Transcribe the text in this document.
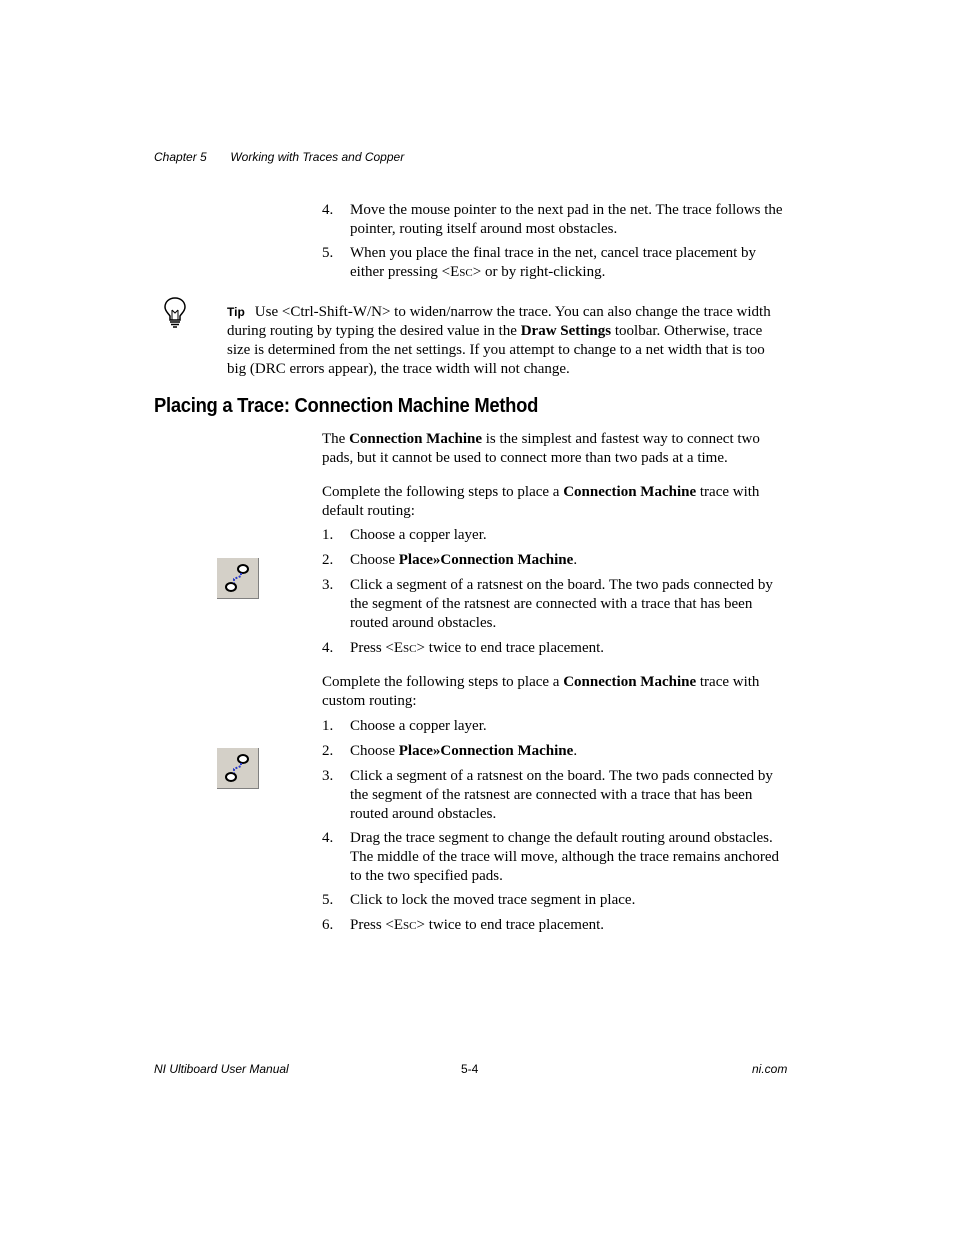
Chapter 5 Working with Traces and Copper
4. Move the mouse pointer to the next pad in the net. The trace follows the pointer, routing itself around most obstacles.
5. When you place the final trace in the net, cancel trace placement by either pressing <ESC> or by right-clicking.
Tip Use <Ctrl-Shift-W/N> to widen/narrow the trace. You can also change the trace width during routing by typing the desired value in the Draw Settings toolbar. Otherwise, trace size is determined from the net settings. If you attempt to change to a net width that is too big (DRC errors appear), the trace width will not change.
Placing a Trace: Connection Machine Method
The Connection Machine is the simplest and fastest way to connect two pads, but it cannot be used to connect more than two pads at a time.
Complete the following steps to place a Connection Machine trace with default routing:
1. Choose a copper layer.
2. Choose Place»Connection Machine.
3. Click a segment of a ratsnest on the board. The two pads connected by the segment of the ratsnest are connected with a trace that has been routed around obstacles.
4. Press <ESC> twice to end trace placement.
Complete the following steps to place a Connection Machine trace with custom routing:
1. Choose a copper layer.
2. Choose Place»Connection Machine.
3. Click a segment of a ratsnest on the board. The two pads connected by the segment of the ratsnest are connected with a trace that has been routed around obstacles.
4. Drag the trace segment to change the default routing around obstacles. The middle of the trace will move, although the trace remains anchored to the two specified pads.
5. Click to lock the moved trace segment in place.
6. Press <ESC> twice to end trace placement.
NI Ultiboard User Manual	5-4	ni.com
